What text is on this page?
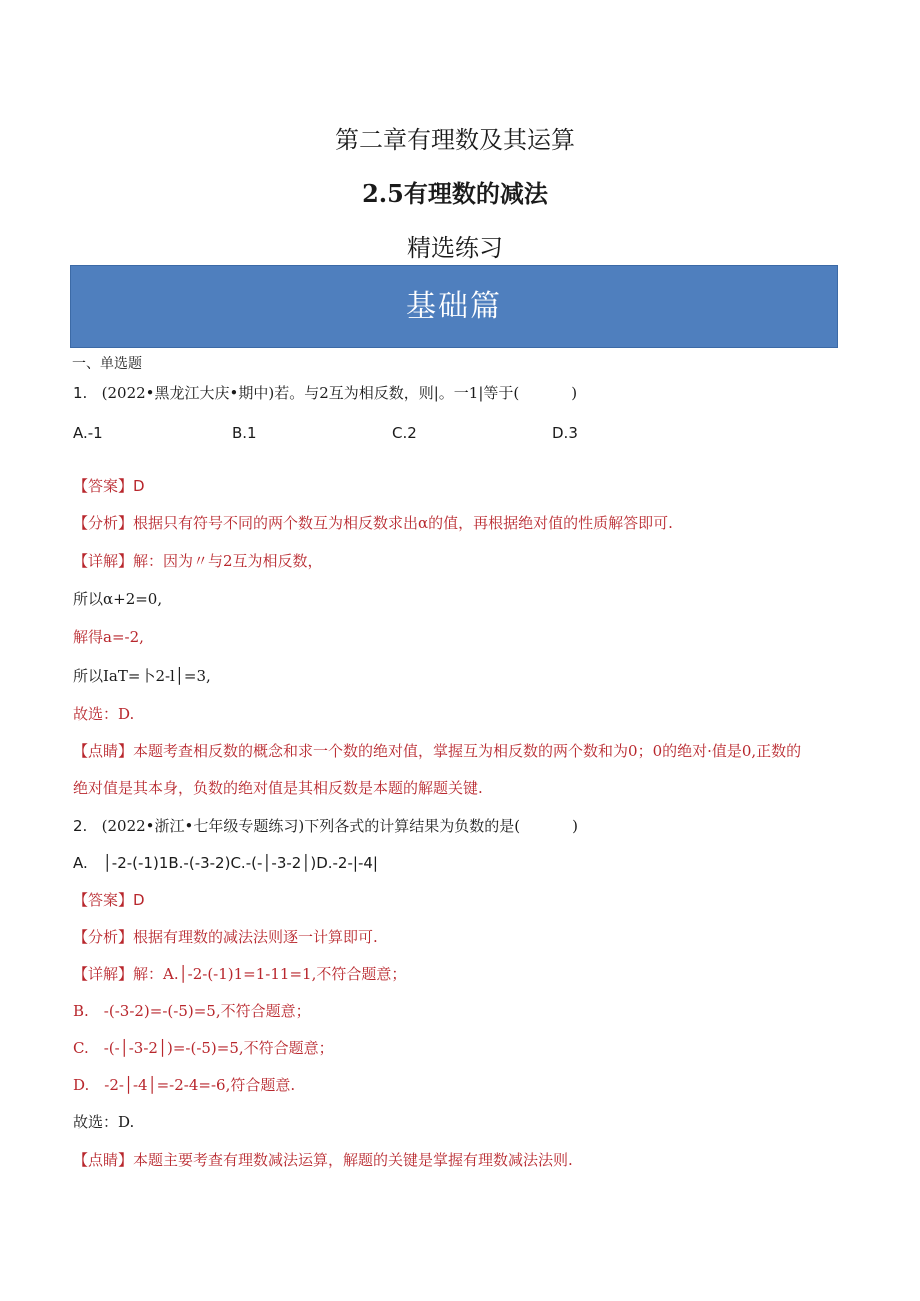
第二章有理数及其运算
2.5有理数的减法
精选练习
基础篇
一、单选题
1. (2022•黑龙江大庆•期中)若。与2互为相反数，则|。一1|等于(	)
A.-1	B.1	C.2	D.3
【答案】D
【分析】根据只有符号不同的两个数互为相反数求出α的值，再根据绝对值的性质解答即可.
【详解】解：因为〃与2互为相反数，
所以α+2=0,
解得a=-2,
所以IaT=卜2-l│=3,
故选：D.
【点睛】本题考查相反数的概念和求一个数的绝对值，掌握互为相反数的两个数和为0；0的绝对·值是0,正数的
绝对值是其本身，负数的绝对值是其相反数是本题的解题关键.
2. (2022•浙江•七年级专题练习)下列各式的计算结果为负数的是(	)
A.　│-2-(-1)1B.-(-3-2)C.-(-│-3-2│)D.-2-|-4|
【答案】D
【分析】根据有理数的减法法则逐一计算即可.
【详解】解：A.│-2-(-1)1=1-11=1,不符合题意；
B.　-(-3-2)=-(-5)=5,不符合题意；
C.　-(-│-3-2│)=-(-5)=5,不符合题意；
D.　-2-│-4│=-2-4=-6,符合题意.
故选：D.
【点睛】本题主要考查有理数减法运算，解题的关键是掌握有理数减法法则.
